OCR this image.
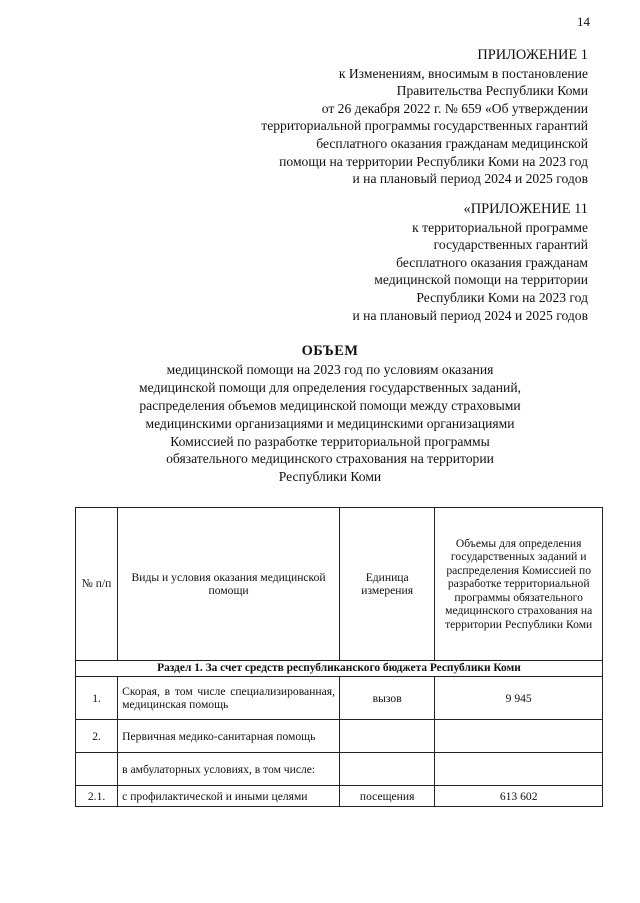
14
ПРИЛОЖЕНИЕ 1
к Изменениям, вносимым в постановление
Правительства Республики Коми
от 26 декабря 2022 г. № 659 «Об утверждении
территориальной программы государственных гарантий
бесплатного оказания гражданам медицинской
помощи на территории Республики Коми на 2023 год
и на плановый период 2024 и 2025 годов
«ПРИЛОЖЕНИЕ 11
к территориальной программе
государственных гарантий
бесплатного оказания гражданам
медицинской помощи на территории
Республики Коми на 2023 год
и на плановый период 2024 и 2025 годов
ОБЪЕМ
медицинской помощи на 2023 год по условиям оказания
медицинской помощи для определения государственных заданий,
распределения объемов медицинской помощи между страховыми
медицинскими организациями и медицинскими организациями
Комиссией по разработке территориальной программы
обязательного медицинского страхования на территории
Республики Коми
№ п/п	Виды и условия оказания медицинской помощи	Единица измерения	Объемы для определения государственных заданий и распределения Комиссией по разработке территориальной программы обязательного медицинского страхования на территории Республики Коми
Раздел 1. За счет средств республиканского бюджета Республики Коми			
1.	Скорая, в том числе специализированная, медицинская помощь	вызов	9 945
2.	Первичная медико-санитарная помощь		
	в амбулаторных условиях, в том числе:		
2.1.	с профилактической и иными целями	посещения	613 602
